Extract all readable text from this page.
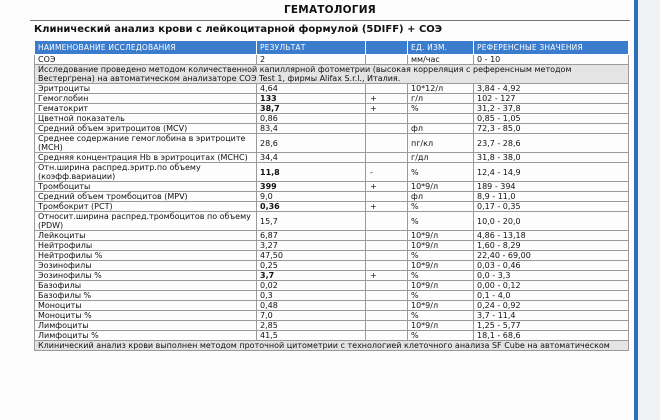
ГЕМАТОЛОГИЯ
Клинический анализ крови с лейкоцитарной формулой (5DIFF) + СОЭ
НАИМЕНОВАНИЕ ИССЛЕДОВАНИЯ	РЕЗУЛЬТАТ		ЕД. ИЗМ.	РЕФЕРЕНСНЫЕ ЗНАЧЕНИЯ
СОЭ	2		мм/час	0 - 10
Исследование проведено методом количественной капиллярной фотометрии (высокая корреляция с референсным методом Вестергрена) на автоматическом анализаторе СОЭ Test 1, фирмы Alifax S.r.l., Италия.				
Эритроциты	4,64		10*12/л	3,84 - 4,92
Гемоглобин	133	+	г/л	102 - 127
Гематокрит	38,7	+	%	31,2 - 37,8
Цветной показатель	0,86			0,85 - 1,05
Средний объем эритроцитов (MCV)	83,4		фл	72,3 - 85,0
Среднее содержание гемоглобина в эритроците (MCH)	28,6		пг/кл	23,7 - 28,6
Средняя концентрация Hb в эритроцитах (MCHC)	34,4		г/дл	31,8 - 38,0
Отн.ширина распред.эритр.по объему (коэфф.вариации)	11,8	-	%	12,4 - 14,9
Тромбоциты	399	+	10*9/л	189 - 394
Средний объем тромбоцитов (MPV)	9,0		фл	8,9 - 11,0
Тромбокрит (PCT)	0,36	+	%	0,17 - 0,35
Относит.ширина распред.тромбоцитов по объему (PDW)	15,7		%	10,0 - 20,0
Лейкоциты	6,87		10*9/л	4,86 - 13,18
Нейтрофилы	3,27		10*9/л	1,60 - 8,29
Нейтрофилы %	47,50		%	22,40 - 69,00
Эозинофилы	0,25		10*9/л	0,03 - 0,46
Эозинофилы %	3,7	+	%	0,0 - 3,3
Базофилы	0,02		10*9/л	0,00 - 0,12
Базофилы %	0,3		%	0,1 - 4,0
Моноциты	0,48		10*9/л	0,24 - 0,92
Моноциты %	7,0		%	3,7 - 11,4
Лимфоциты	2,85		10*9/л	1,25 - 5,77
Лимфоциты %	41,5		%	18,1 - 68,6
Клинический анализ крови выполнен методом проточной цитометрии с технологией клеточного анализа SF Cube на автоматическом				
